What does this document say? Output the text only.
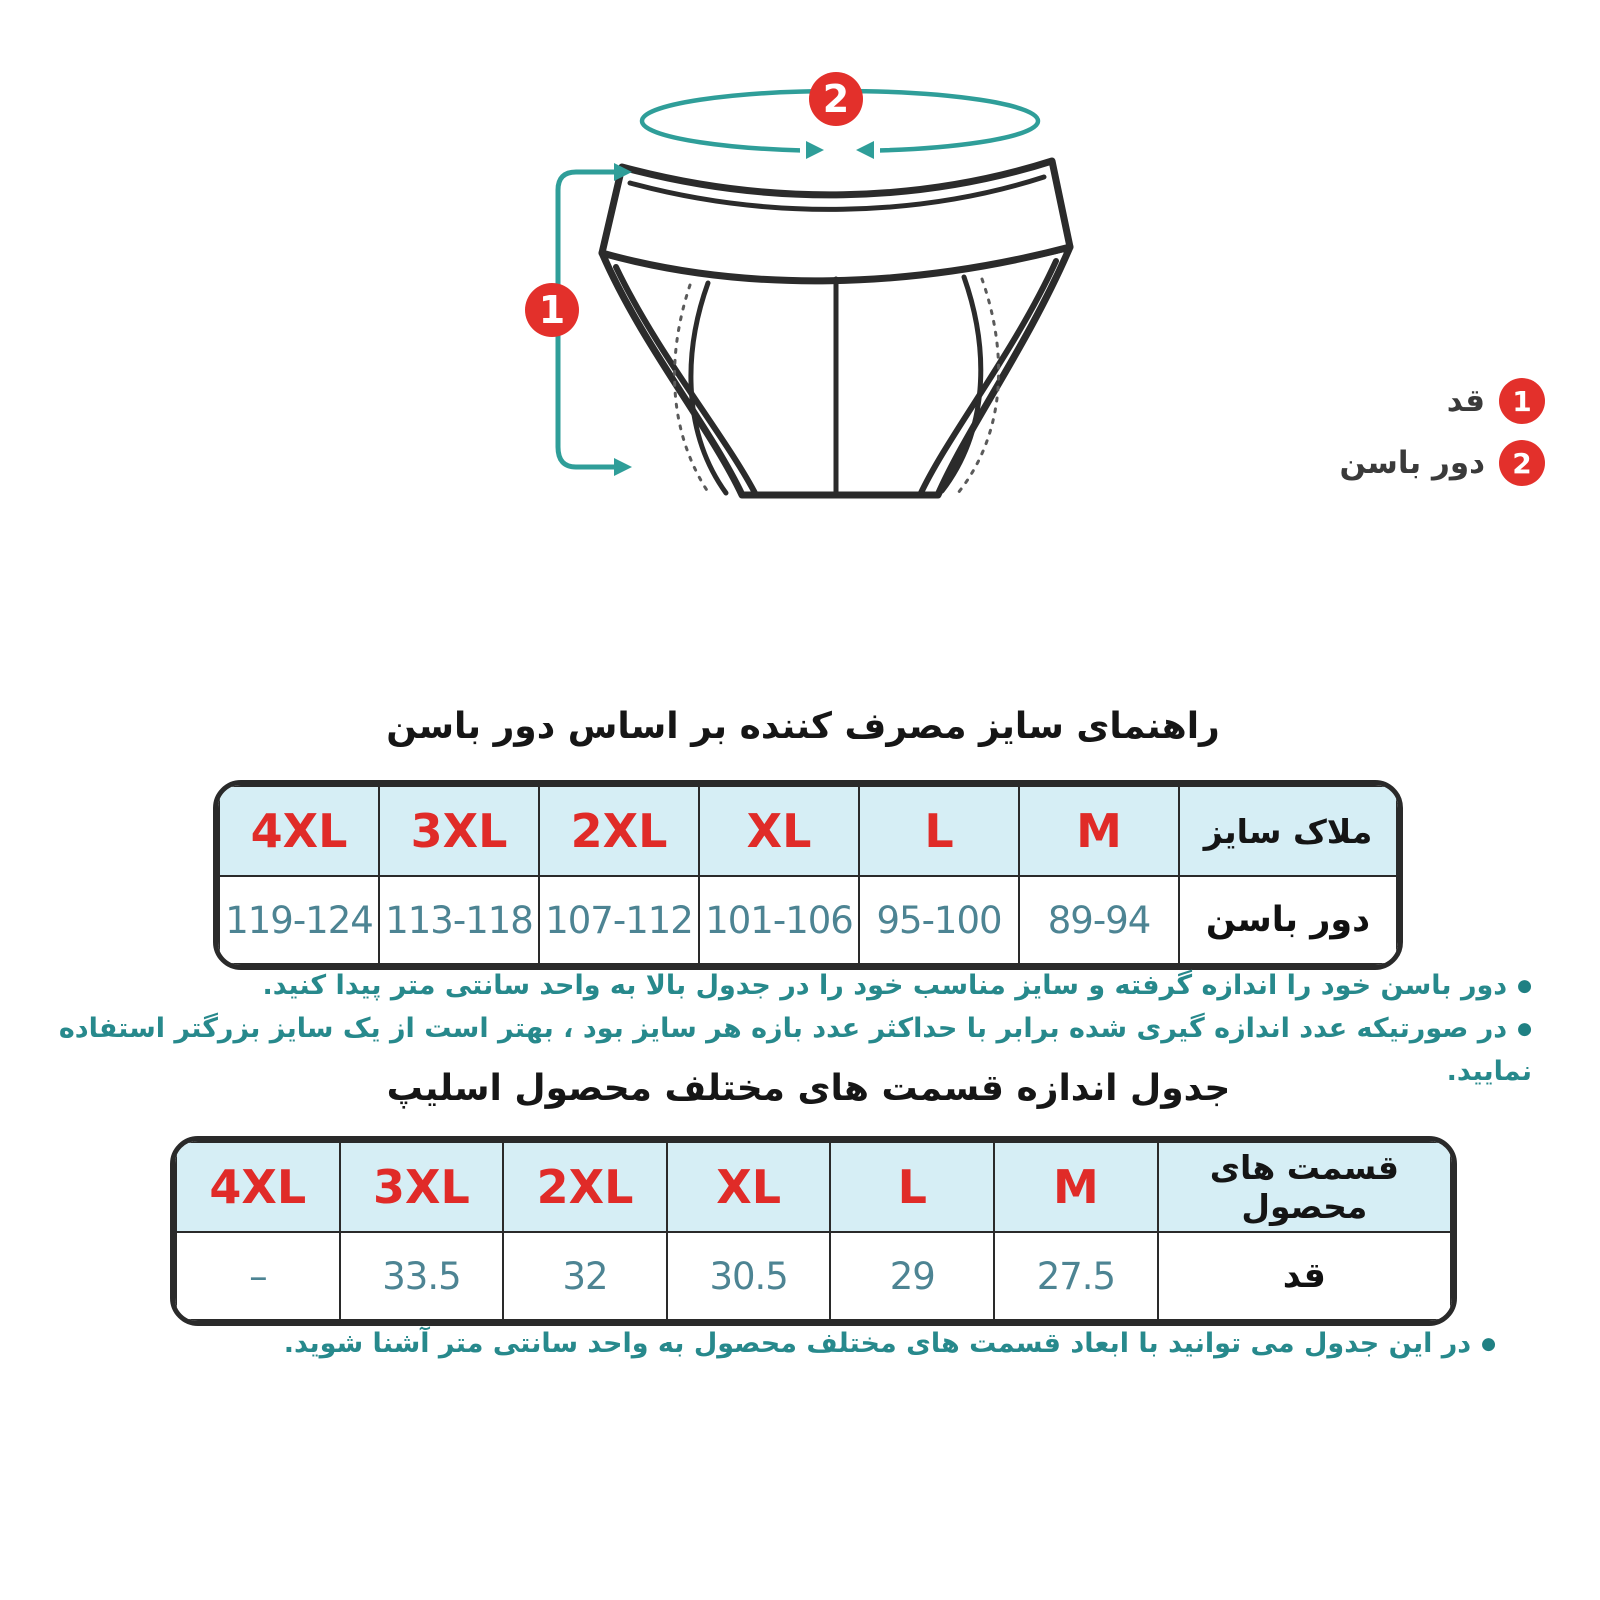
1
2
1
قد
2
دور باسن
راهنمای سایز مصرف کننده بر اساس دور باسن
ملاک سایز	M	L	XL	2XL	3XL	4XL
دور باسن	89-94	95-100	101-106	107-112	113-118	119-124
● دور باسن خود را اندازه گرفته و سایز مناسب خود را در جدول بالا به واحد سانتی متر پیدا کنید.
● در صورتیکه عدد اندازه گیری شده برابر با حداکثر عدد بازه هر سایز بود ، بهتر است از یک سایز بزرگتر استفاده نمایید.
جدول اندازه قسمت های مختلف محصول اسلیپ
قسمت های محصول	M	L	XL	2XL	3XL	4XL
قد	27.5	29	30.5	32	33.5	–
● در این جدول می توانید با ابعاد قسمت های مختلف محصول به واحد سانتی متر آشنا شوید.
